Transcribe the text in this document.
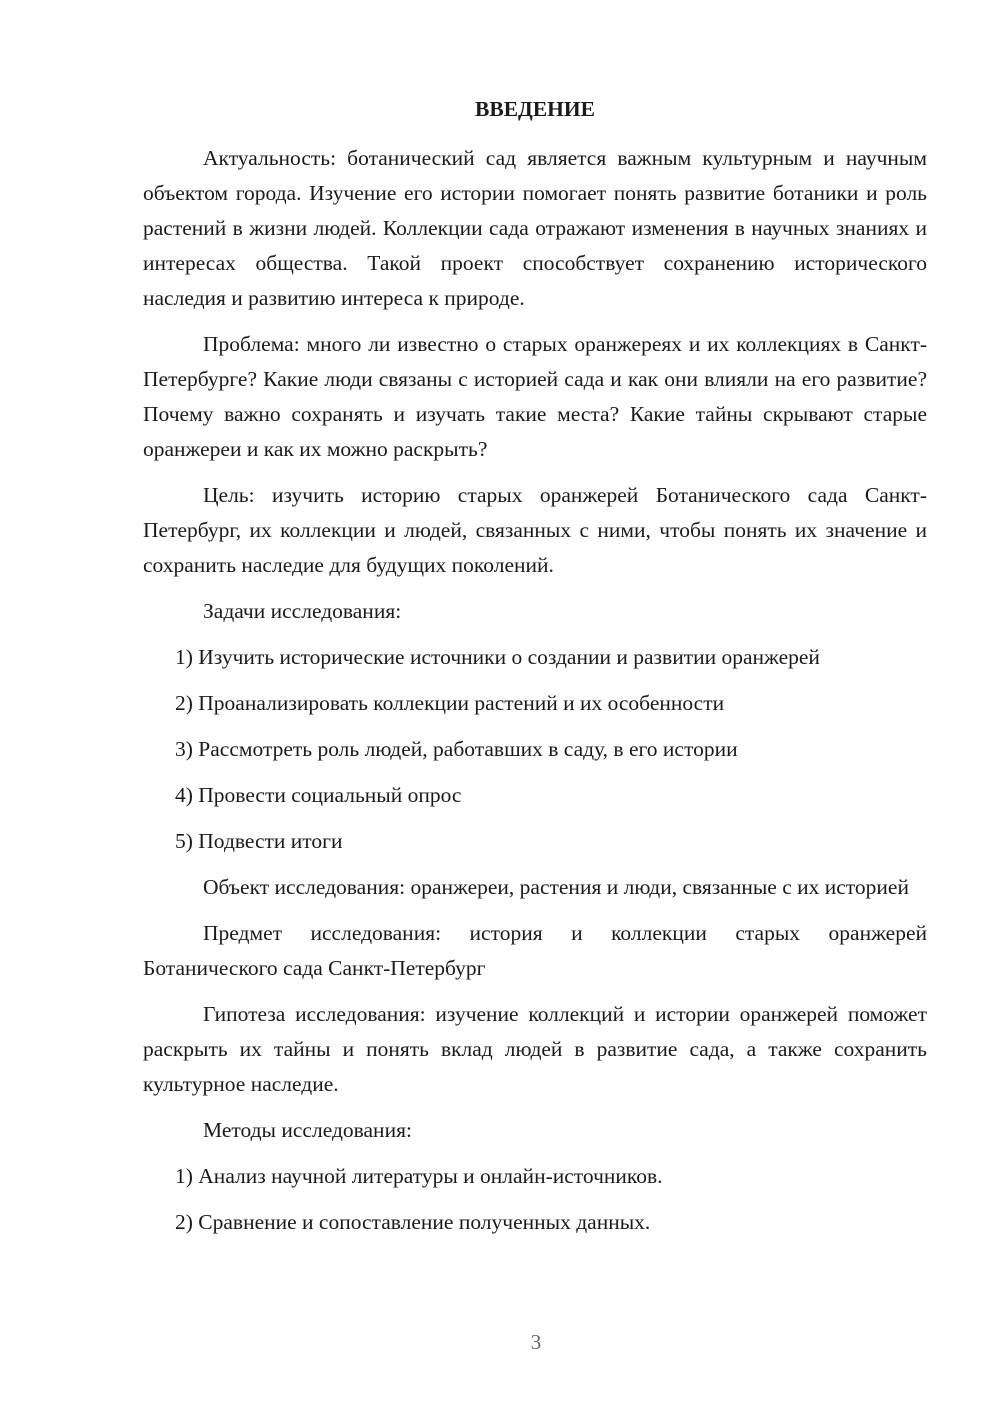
ВВЕДЕНИЕ
Актуальность: ботанический сад является важным культурным и научным объектом города. Изучение его истории помогает понять развитие ботаники и роль растений в жизни людей. Коллекции сада отражают изменения в научных знаниях и интересах общества. Такой проект способствует сохранению исторического наследия и развитию интереса к природе.
Проблема: много ли известно о старых оранжереях и их коллекциях в Санкт-Петербурге? Какие люди связаны с историей сада и как они влияли на его развитие? Почему важно сохранять и изучать такие места? Какие тайны скрывают старые оранжереи и как их можно раскрыть?
Цель: изучить историю старых оранжерей Ботанического сада Санкт-Петербург, их коллекции и людей, связанных с ними, чтобы понять их значение и сохранить наследие для будущих поколений.
Задачи исследования:
1) Изучить исторические источники о создании и развитии оранжерей
2) Проанализировать коллекции растений и их особенности
3) Рассмотреть роль людей, работавших в саду, в его истории
4) Провести социальный опрос
5) Подвести итоги
Объект исследования: оранжереи, растения и люди, связанные с их историей
Предмет исследования: история и коллекции старых оранжерей Ботанического сада Санкт-Петербург
Гипотеза исследования: изучение коллекций и истории оранжерей поможет раскрыть их тайны и понять вклад людей в развитие сада, а также сохранить культурное наследие.
Методы исследования:
1) Анализ научной литературы и онлайн-источников.
2) Сравнение и сопоставление полученных данных.
3
